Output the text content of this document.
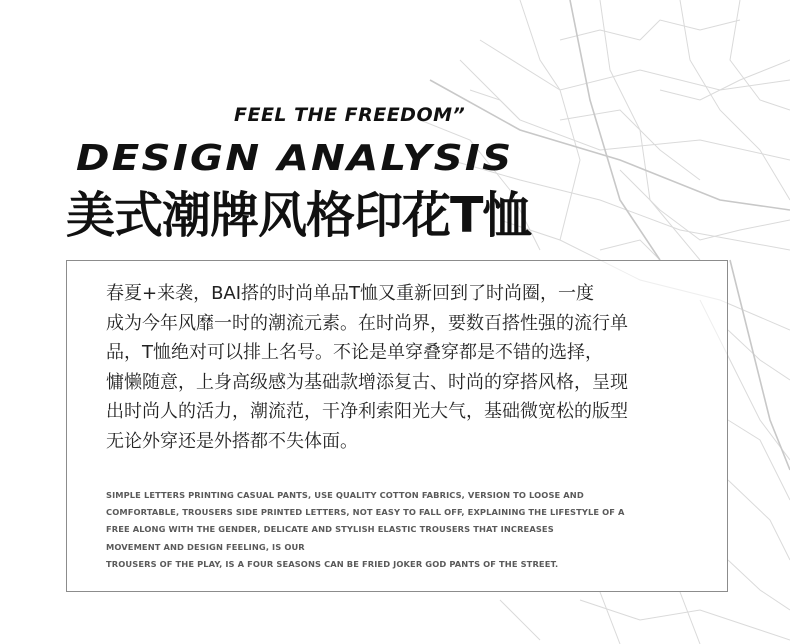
FEEL THE FREEDOM”
DESIGN ANALYSIS
美式潮牌风格印花T恤

春夏+来袭，BAI搭的时尚单品T恤又重新回到了时尚圈，一度
成为今年风靡一时的潮流元素。在时尚界，要数百搭性强的流行单
品，T恤绝对可以排上名号。不论是单穿叠穿都是不错的选择，
慵懒随意，上身高级感为基础款增添复古、时尚的穿搭风格，呈现
出时尚人的活力，潮流范，干净利索阳光大气，基础微宽松的版型
无论外穿还是外搭都不失体面。

SIMPLE LETTERS PRINTING CASUAL PANTS, USE QUALITY COTTON FABRICS, VERSION TO LOOSE AND
COMFORTABLE, TROUSERS SIDE PRINTED LETTERS, NOT EASY TO FALL OFF, EXPLAINING THE LIFESTYLE OF A
FREE ALONG WITH THE GENDER, DELICATE AND STYLISH ELASTIC TROUSERS THAT INCREASES
MOVEMENT AND DESIGN FEELING, IS OUR
TROUSERS OF THE PLAY, IS A FOUR SEASONS CAN BE FRIED JOKER GOD PANTS OF THE STREET.
